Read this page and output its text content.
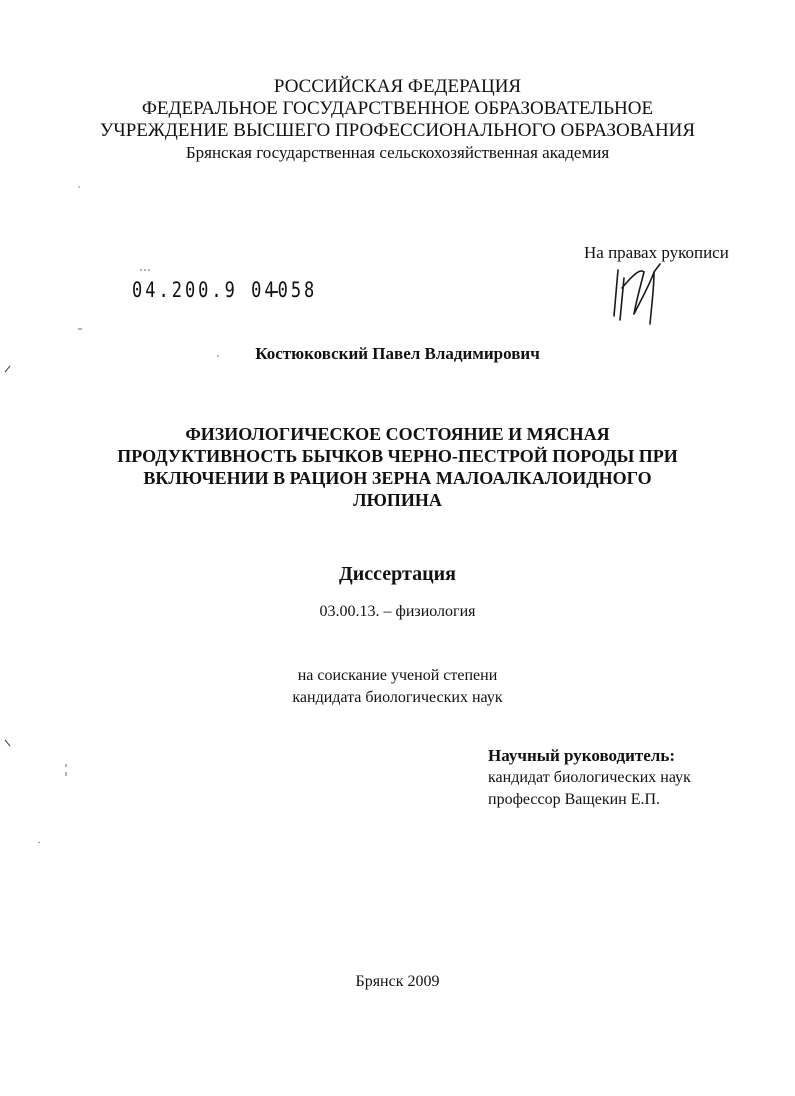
РОССИЙСКАЯ ФЕДЕРАЦИЯ
ФЕДЕРАЛЬНОЕ ГОСУДАРСТВЕННОЕ ОБРАЗОВАТЕЛЬНОЕ
УЧРЕЖДЕНИЕ ВЫСШЕГО ПРОФЕССИОНАЛЬНОГО ОБРАЗОВАНИЯ
Брянская государственная сельскохозяйственная академия
На правах рукописи
04.200.9 04058
Костюковский Павел Владимирович
ФИЗИОЛОГИЧЕСКОЕ СОСТОЯНИЕ И МЯСНАЯ
ПРОДУКТИВНОСТЬ БЫЧКОВ ЧЕРНО-ПЕСТРОЙ ПОРОДЫ ПРИ
ВКЛЮЧЕНИИ В РАЦИОН ЗЕРНА МАЛОАЛКАЛОИДНОГО
ЛЮПИНА
Диссертация
03.00.13. – физиология
на соискание ученой степени
кандидата биологических наук
Научный руководитель:
кандидат биологических наук
профессор Ващекин Е.П.
Брянск 2009
